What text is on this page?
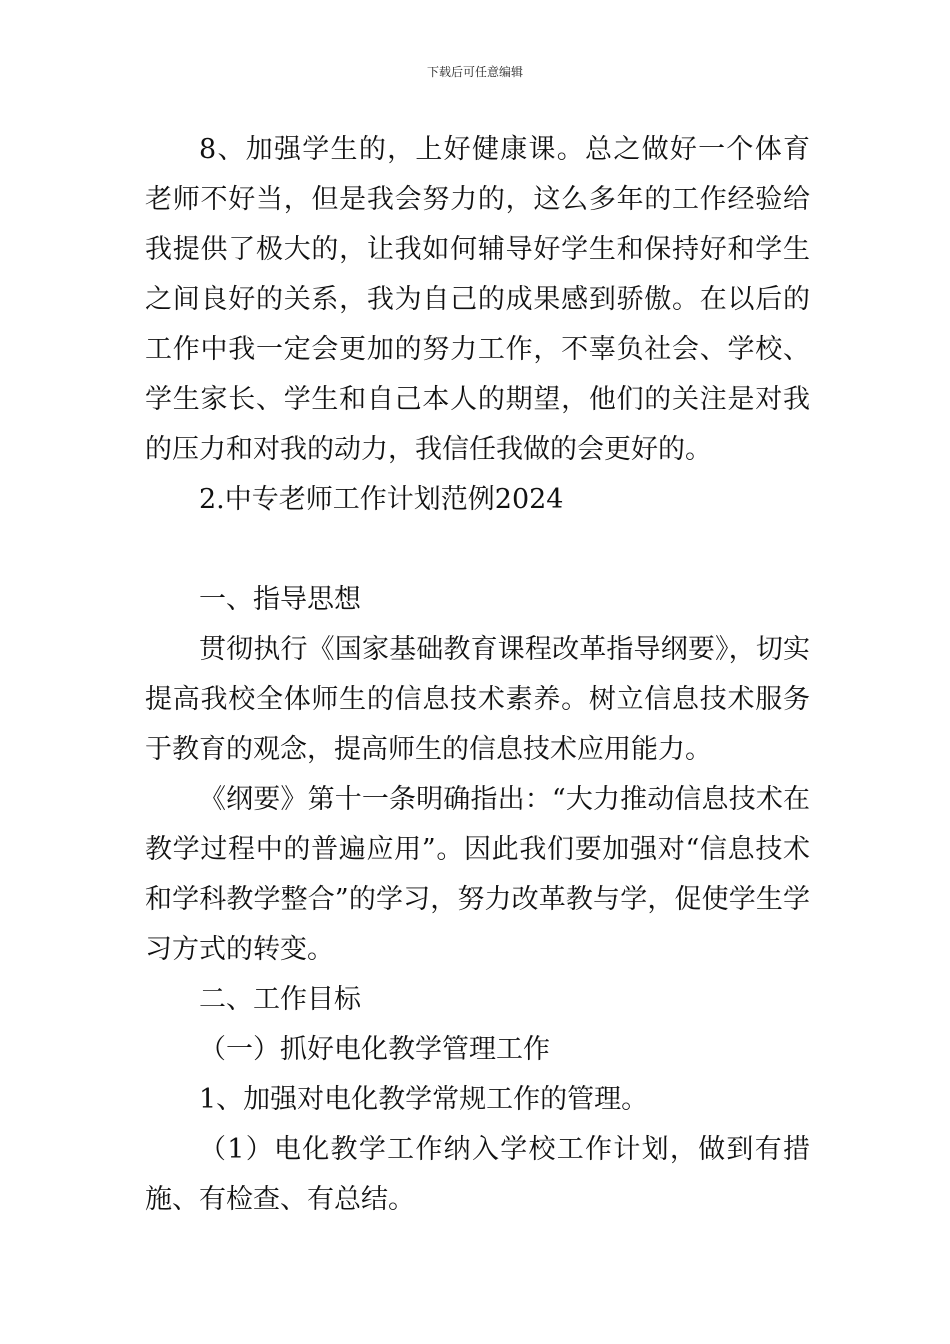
下载后可任意编辑

8、加强学生的，上好健康课。总之做好一个体育老师不好当，但是我会努力的，这么多年的工作经验给我提供了极大的，让我如何辅导好学生和保持好和学生之间良好的关系，我为自己的成果感到骄傲。在以后的工作中我一定会更加的努力工作，不辜负社会、学校、学生家长、学生和自己本人的期望，他们的关注是对我的压力和对我的动力，我信任我做的会更好的。

2.中专老师工作计划范例2024

一、指导思想

贯彻执行《国家基础教育课程改革指导纲要》，切实提高我校全体师生的信息技术素养。树立信息技术服务于教育的观念，提高师生的信息技术应用能力。

《纲要》第十一条明确指出：“大力推动信息技术在教学过程中的普遍应用”。因此我们要加强对“信息技术和学科教学整合”的学习，努力改革教与学，促使学生学习方式的转变。

二、工作目标

（一）抓好电化教学管理工作

1、加强对电化教学常规工作的管理。

（1）电化教学工作纳入学校工作计划，做到有措施、有检查、有总结。
